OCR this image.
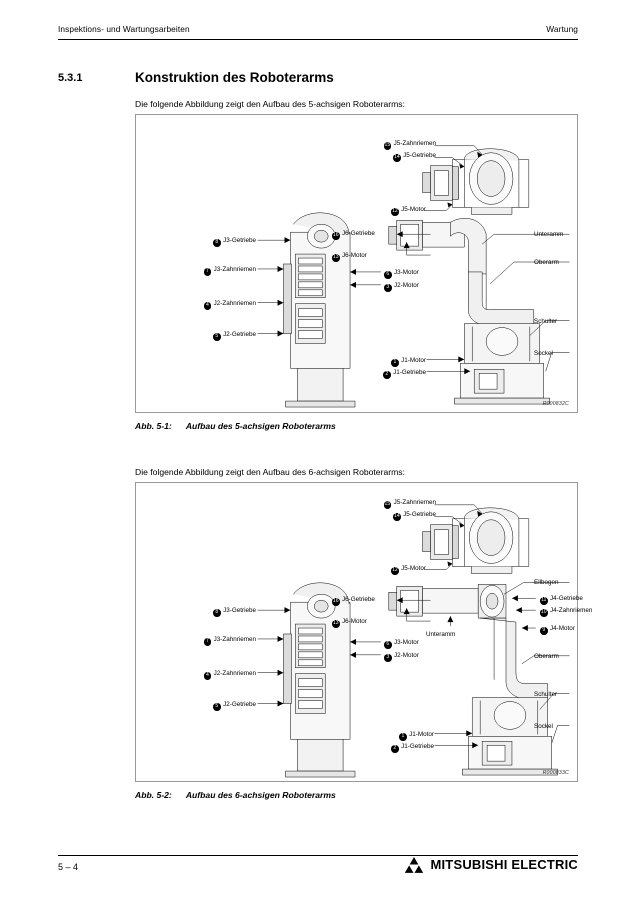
Inspektions- und Wartungsarbeiten	Wartung
5.3.1	Konstruktion des Roboterarms
Die folgende Abbildung zeigt den Aufbau des 5-achsigen Roboterarms:
15 J5-Zahnriemen
14 J5-Getriebe
12 J5-Motor
16 J6-Getriebe
13 J6-Motor
8 J3-Getriebe
7 J3-Zahnriemen
4 J2-Zahnriemen
5 J2-Getriebe
6 J3-Motor
3 J2-Motor
1 J1-Motor
2 J1-Getriebe
Unteramm
Oberarm
Schulter
Sockel
R000832C
Abb. 5-1: Aufbau des 5-achsigen Roboterarms
Die folgende Abbildung zeigt den Aufbau des 6-achsigen Roboterarms:
15 J5-Zahnriemen
14 J5-Getriebe
12 J5-Motor
16 J6-Getriebe
13 J6-Motor
11 J4-Getriebe
10 J4-Zahnriemen
9 J4-Motor
8 J3-Getriebe
7 J3-Zahnriemen
4 J2-Zahnriemen
5 J2-Getriebe
6 J3-Motor
3 J2-Motor
1 J1-Motor
2 J1-Getriebe
Ellbogen
Unteramm
Oberarm
Schulter
Sockel
R000833C
Abb. 5-2: Aufbau des 6-achsigen Roboterarms
5 – 4	MITSUBISHI ELECTRIC
